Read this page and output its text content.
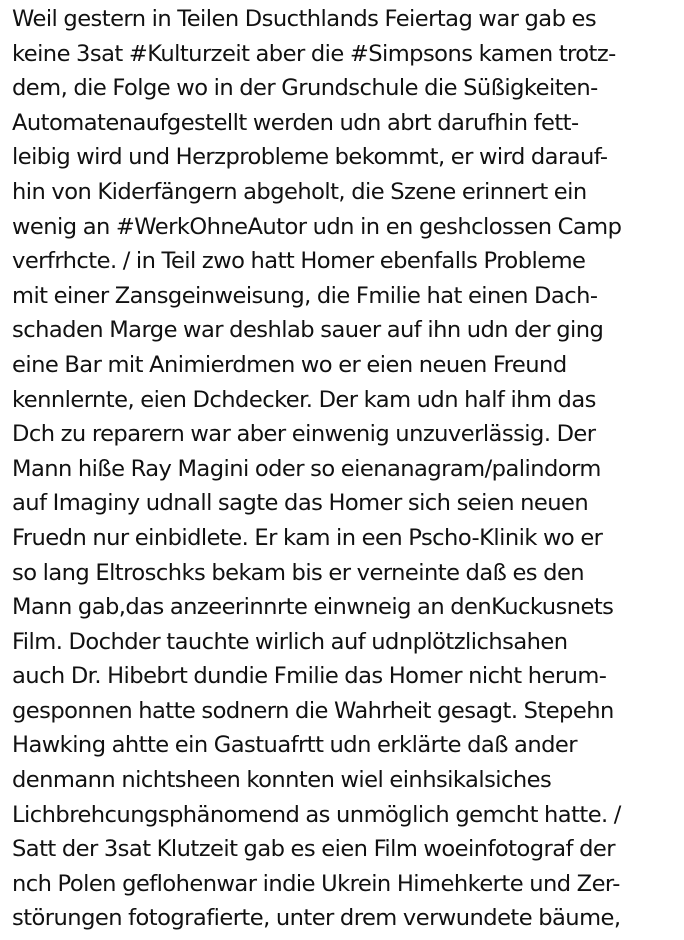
Weil gestern in Teilen Dsucthlands Feiertag war gab es
keine 3sat #Kulturzeit aber die #Simpsons kamen trotz-
dem, die Folge wo in der Grundschule die Süßigkeiten-
Automatenaufgestellt werden udn abrt darufhin fett-
leibig wird und Herzprobleme bekommt, er wird darauf-
hin von Kiderfängern abgeholt, die Szene erinnert ein
wenig an #WerkOhneAutor udn in en geshclossen Camp
verfrhcte. / in Teil zwo hatt Homer ebenfalls Probleme
mit einer Zansgeinweisung, die Fmilie hat einen Dach-
schaden Marge war deshlab sauer auf ihn udn der ging
eine Bar mit Animierdmen wo er eien neuen Freund
kennlernte, eien Dchdecker. Der kam udn half ihm das
Dch zu reparern war aber einwenig unzuverlässig. Der
Mann hiße Ray Magini oder so eienanagram/palindorm
auf Imaginy udnall sagte das Homer sich seien neuen
Fruedn nur einbidlete. Er kam in een Pscho-Klinik wo er
so lang Eltroschks bekam bis er verneinte daß es den
Mann gab,das anzeerinnrte einwneig an denKuckusnets
Film. Dochder tauchte wirlich auf udnplötzlichsahen
auch Dr. Hibebrt dundie Fmilie das Homer nicht herum-
gesponnen hatte sodnern die Wahrheit gesagt. Stepehn
Hawking ahtte ein Gastuafrtt udn erklärte daß ander
denmann nichtsheen konnten wiel einhsikalsiches
Lichbrehcungsphänomend as unmöglich gemcht hatte. /
Satt der 3sat Klutzeit gab es eien Film woeinfotograf der
nch Polen geflohenwar indie Ukrein Himehkerte und Zer-
störungen fotografierte, unter drem verwundete bäume,
